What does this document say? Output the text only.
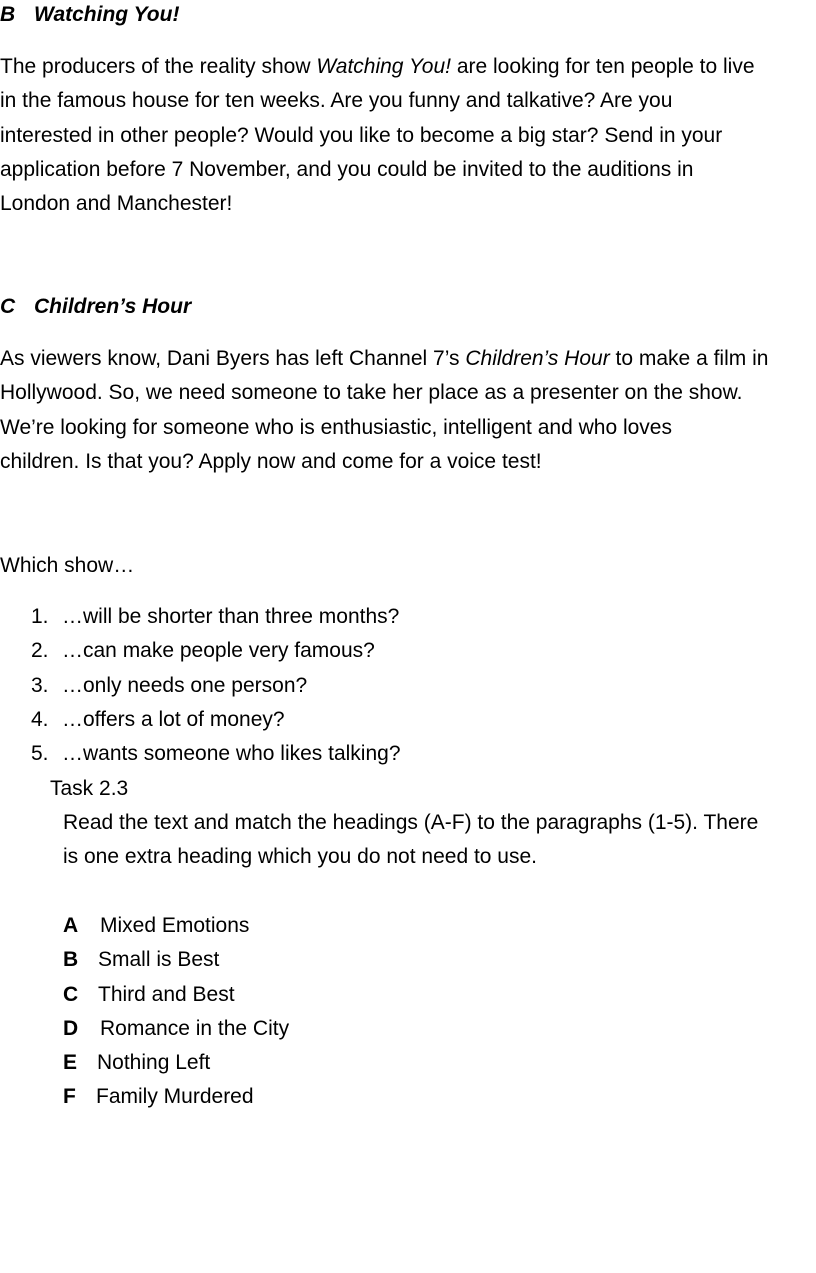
B Watching You!

The producers of the reality show Watching You! are looking for ten people to live

in the famous house for ten weeks. Are you funny and talkative? Are you

interested in other people? Would you like to become a big star? Send in your

application before 7 November, and you could be invited to the auditions in

London and Manchester!

C Children’s Hour

As viewers know, Dani Byers has left Channel 7’s Children’s Hour to make a film in

Hollywood. So, we need someone to take her place as a presenter on the show.

We’re looking for someone who is enthusiastic, intelligent and who loves

children. Is that you? Apply now and come for a voice test!

Which show…
1. …will be shorter than three months?
2. …can make people very famous?
3. …only needs one person?
4. …offers a lot of money?
5. …wants someone who likes talking?
Task 2.3

Read the text and match the headings (A-F) to the paragraphs (1-5). There

is one extra heading which you do not need to use.

A Mixed Emotions
B Small is Best
C Third and Best
D Romance in the City
E Nothing Left
F Family Murdered
